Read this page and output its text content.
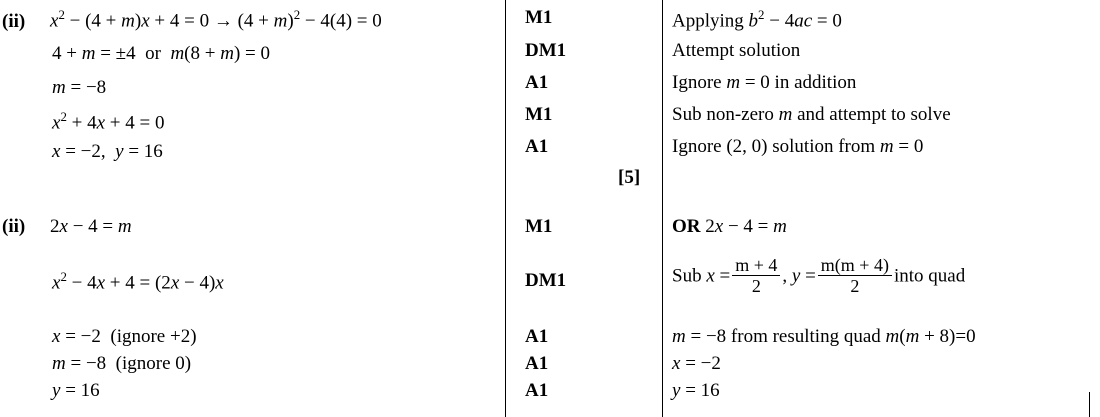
(ii) $x^2 - (4 + m)x + 4 = 0 \to (4 + m)^2 - 4(4) = 0$
4 + m = ±4  or  m(8 + m) = 0
m = −8
$x^2 + 4x + 4 = 0$
x = −2,  y = 16
M1
DM1
A1
M1
A1
[5]
Applying $b^2 - 4ac = 0$
Attempt solution
Ignore m = 0 in addition
Sub non-zero m and attempt to solve
Ignore (2, 0) solution from m = 0
(ii) 2x − 4 = m
$x^2 - 4x + 4 = (2x - 4)x$
x = −2  (ignore +2)
m = −8  (ignore 0)
y = 16
M1
DM1
A1
A1
A1
OR 2x − 4 = m
Sub $x = \frac{m + 4}{2}$ , $y = \frac{m(m + 4)}{2}$ into quad
m = −8 from resulting quad m(m + 8)=0
x = −2
y = 16
